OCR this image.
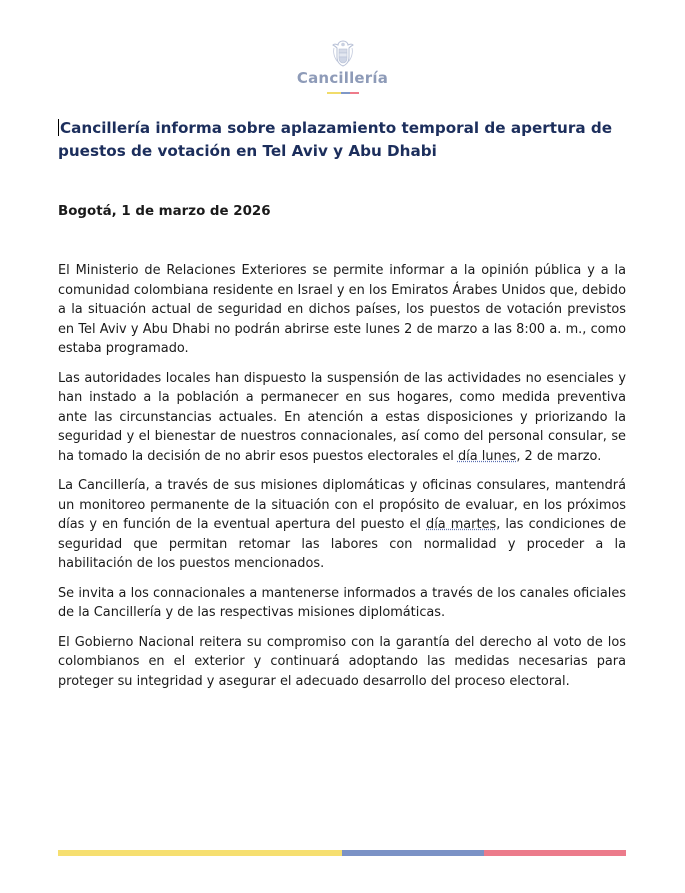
Cancillería
Cancillería informa sobre aplazamiento temporal de apertura de puestos de votación en Tel Aviv y Abu Dhabi

Bogotá, 1 de marzo de 2026

El Ministerio de Relaciones Exteriores se permite informar a la opinión pública y a la comunidad colombiana residente en Israel y en los Emiratos Árabes Unidos que, debido a la situación actual de seguridad en dichos países, los puestos de votación previstos en Tel Aviv y Abu Dhabi no podrán abrirse este lunes 2 de marzo a las 8:00 a. m., como estaba programado.

Las autoridades locales han dispuesto la suspensión de las actividades no esenciales y han instado a la población a permanecer en sus hogares, como medida preventiva ante las circunstancias actuales. En atención a estas disposiciones y priorizando la seguridad y el bienestar de nuestros connacionales, así como del personal consular, se ha tomado la decisión de no abrir esos puestos electorales el día lunes, 2 de marzo.

La Cancillería, a través de sus misiones diplomáticas y oficinas consulares, mantendrá un monitoreo permanente de la situación con el propósito de evaluar, en los próximos días y en función de la eventual apertura del puesto el día martes, las condiciones de seguridad que permitan retomar las labores con normalidad y proceder a la habilitación de los puestos mencionados.

Se invita a los connacionales a mantenerse informados a través de los canales oficiales de la Cancillería y de las respectivas misiones diplomáticas.

El Gobierno Nacional reitera su compromiso con la garantía del derecho al voto de los colombianos en el exterior y continuará adoptando las medidas necesarias para proteger su integridad y asegurar el adecuado desarrollo del proceso electoral.
